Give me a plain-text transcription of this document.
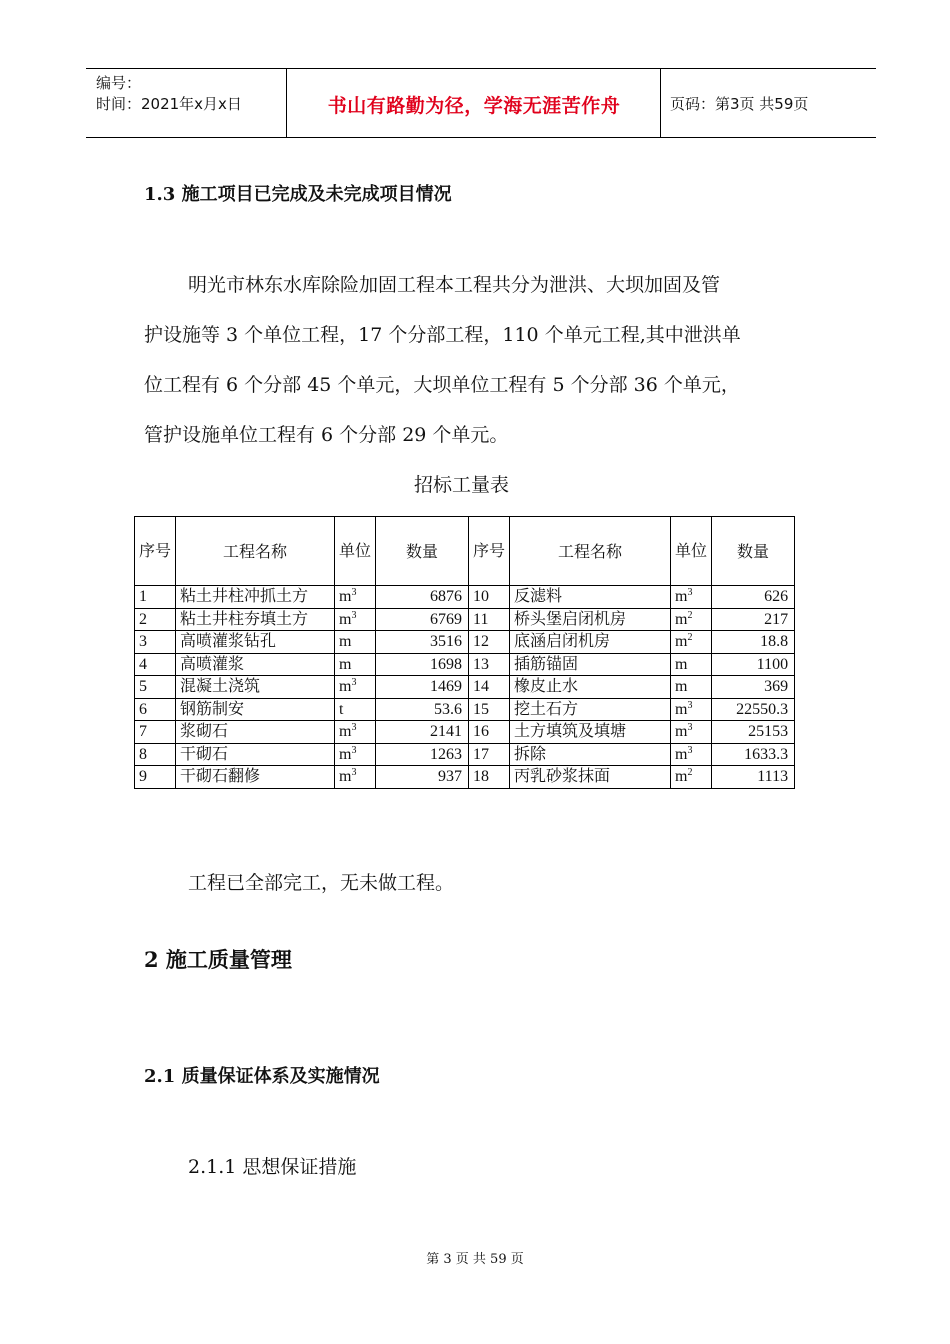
编号：
时间：2021年x月x日	书山有路勤为径，学海无涯苦作舟	页码：第3页 共59页
1.3 施工项目已完成及未完成项目情况
明光市林东水库除险加固工程本工程共分为泄洪、大坝加固及管
护设施等 3 个单位工程，17 个分部工程，110 个单元工程,其中泄洪单
位工程有 6 个分部 45 个单元，大坝单位工程有 5 个分部 36 个单元，
管护设施单位工程有 6 个分部 29 个单元。
招标工量表
序号	工程名称	单位	数量	序号	工程名称	单位	数量
1	粘土井柱冲抓土方	$m^3$	6876	10	反滤料	$m^3$	626
2	粘土井柱夯填土方	$m^3$	6769	11	桥头堡启闭机房	$m^2$	217
3	高喷灌浆钻孔	m	3516	12	底涵启闭机房	$m^2$	18.8
4	高喷灌浆	m	1698	13	插筋锚固	m	1100
5	混凝土浇筑	$m^3$	1469	14	橡皮止水	m	369
6	钢筋制安	t	53.6	15	挖土石方	$m^3$	22550.3
7	浆砌石	$m^3$	2141	16	土方填筑及填塘	$m^3$	25153
8	干砌石	$m^3$	1263	17	拆除	$m^3$	1633.3
9	干砌石翻修	$m^3$	937	18	丙乳砂浆抹面	$m^2$	1113
工程已全部完工，无未做工程。
2 施工质量管理
2.1 质量保证体系及实施情况
2.1.1 思想保证措施
第 3 页 共 59 页
